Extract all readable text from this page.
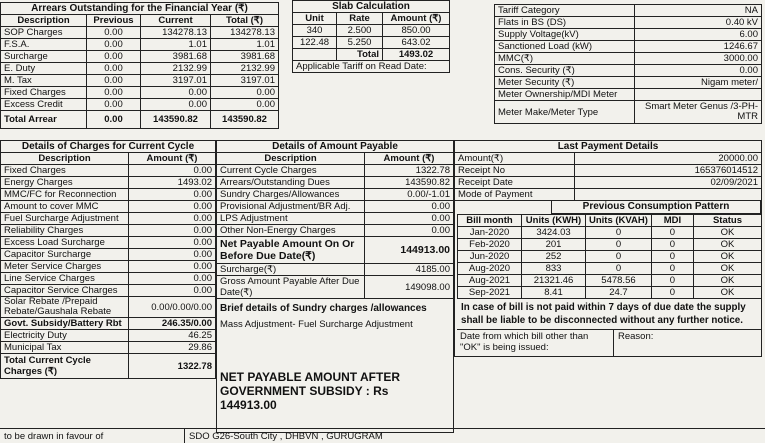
Arrears Outstanding for the Financial Year (₹)
Description	Previous	Current	Total (₹)
SOP Charges	0.00	134278.13	134278.13
F.S.A.	0.00	1.01	1.01
Surcharge	0.00	3981.68	3981.68
E. Duty	0.00	2132.99	2132.99
M. Tax	0.00	3197.01	3197.01
Fixed Charges	0.00	0.00	0.00
Excess Credit	0.00	0.00	0.00
Total Arrear	0.00	143590.82	143590.82
Slab Calculation
Unit	Rate	Amount (₹)
340	2.500	850.00
122.48	5.250	643.02
	Total	1493.02
Applicable Tariff on Read Date:		
Tariff Category	NA
Flats in BS (DS)	0.40 kV
Supply Voltage(kV)	6.00
Sanctioned Load (kW)	1246.67
MMC(₹)	3000.00
Cons. Security (₹)	0.00
Meter Security (₹)	Nigam meter/
Meter Ownership/MDI Meter	
Meter Make/Meter Type	Smart Meter Genus /3-PH-MTR
Details of Charges for Current Cycle
Description	Amount (₹)
Fixed Charges	0.00
Energy Charges	1493.02
MMC/FC for Reconnection	0.00
Amount to cover MMC	0.00
Fuel Surcharge Adjustment	0.00
Reliability Charges	0.00
Excess Load Surcharge	0.00
Capacitor Surcharge	0.00
Meter Service Charges	0.00
Line Service Charges	0.00
Capacitor Service Charges	0.00
Solar Rebate /Prepaid Rebate/Gaushala Rebate	0.00/0.00/0.00
Govt. Subsidy/Battery Rbt	246.35/0.00
Electricity Duty	46.25
Municipal Tax	29.86
Total Current Cycle Charges (₹)	1322.78
Details of Amount Payable
Description	Amount (₹)
Current Cycle Charges	1322.78
Arrears/Outstanding Dues	143590.82
Sundry Charges/Allowances	0.00/-1.01
Provisional Adjustment/BR Adj.	0.00
LPS Adjustment	0.00
Other Non-Energy Charges	0.00
Net Payable Amount On Or Before Due Date(₹)	144913.00
Surcharge(₹)	4185.00
Gross Amount Payable After Due Date(₹)	149098.00
Brief details of Sundry charges /allowances
Mass Adjustment- Fuel Surcharge Adjustment
NET PAYABLE AMOUNT AFTER GOVERNMENT SUBSIDY : Rs 144913.00
Last Payment Details
Amount(₹)	20000.00
Receipt No	165376014512
Receipt Date	02/09/2021
Mode of Payment	
Previous Consumption Pattern
Bill month	Units (KWH)	Units (KVAH)	MDI	Status
Jan-2020	3424.03	0	0	OK
Feb-2020	201	0	0	OK
Jun-2020	252	0	0	OK
Aug-2020	833	0	0	OK
Aug-2021	21321.46	5478.56	0	OK
Sep-2021	8.41	24.7	0	OK
In case of bill is not paid within 7 days of due date the supply shall be liable to be disconnected without any further notice.
Date from which bill other than "OK" is being issued:
Reason:
to be drawn in favour of	SDO G26-South City , DHBVN , GURUGRAM
